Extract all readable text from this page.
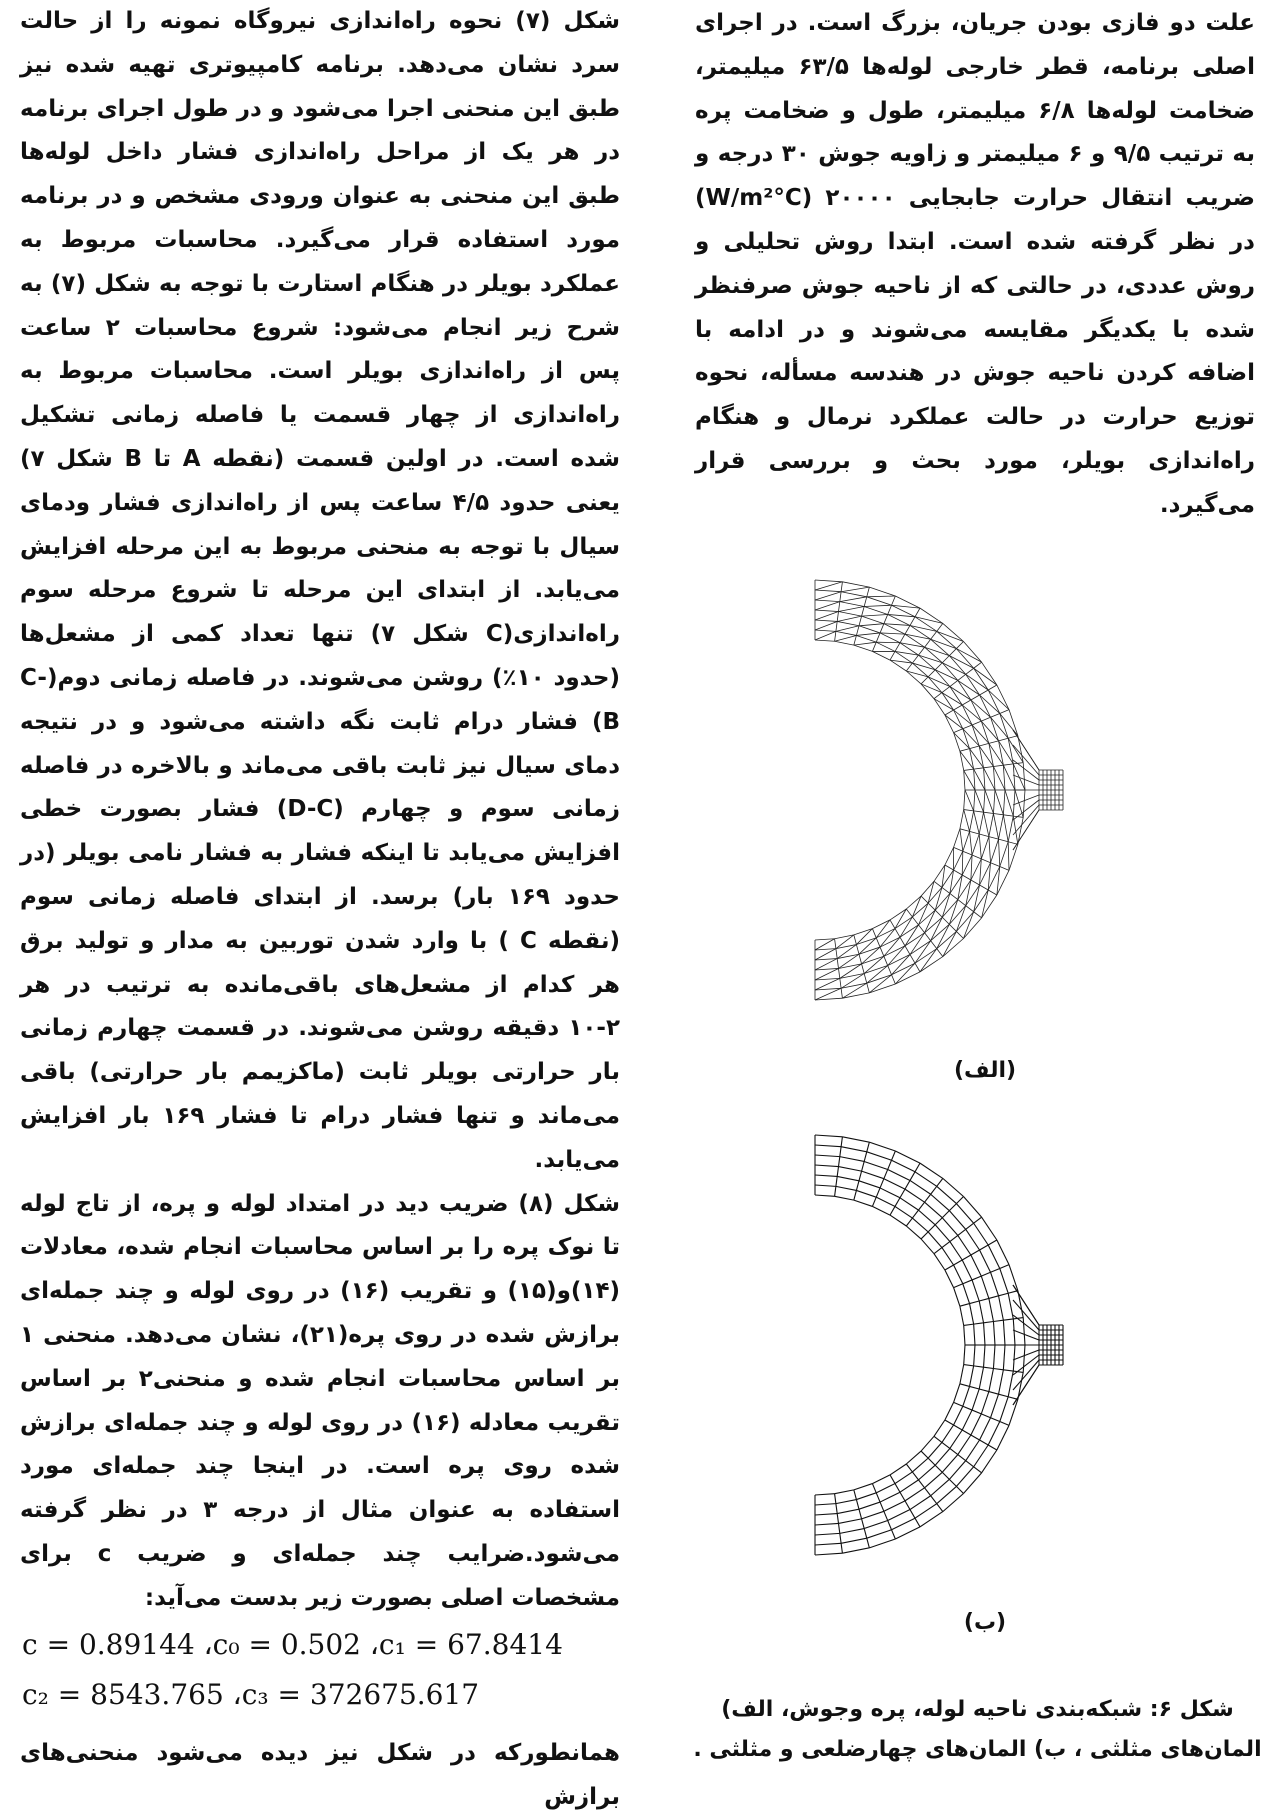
علت دو فازی بودن جریان، بزرگ است. در اجرای اصلی برنامه، قطر خارجی لوله‌ها ۶۳/۵ میلیمتر، ضخامت لوله‌ها ۶/۸ میلیمتر، طول و ضخامت پره به ترتیب ۹/۵ و ۶ میلیمتر و زاویه جوش ۳۰ درجه و ضریب انتقال حرارت جابجایی ۲۰۰۰۰ (W/m²°C) در نظر گرفته شده است. ابتدا روش تحلیلی و روش عددی، در حالتی که از ناحیه جوش صرفنظر شده با یکدیگر مقایسه می‌شوند و در ادامه با اضافه کردن ناحیه جوش در هندسه مسأله، نحوه توزیع حرارت در حالت عملکرد نرمال و هنگام راه‌اندازی بویلر، مورد بحث و بررسی قرار می‌گیرد.

(الف)
(ب)
شکل ۶: شبکه‌بندی ناحیه لوله، پره وجوش، الف) المان‌های مثلثی ، ب) المان‌های چهارضلعی و مثلثی .

شکل (۷) نحوه راه‌اندازی نیروگاه نمونه را از حالت سرد نشان می‌دهد. برنامه کامپیوتری تهیه شده نیز طبق این منحنی اجرا می‌شود و در طول اجرای برنامه در هر یک از مراحل راه‌اندازی فشار داخل لوله‌ها طبق این منحنی به عنوان ورودی مشخص و در برنامه مورد استفاده قرار می‌گیرد. محاسبات مربوط به عملکرد بویلر در هنگام استارت با توجه به شکل (۷) به شرح زیر انجام می‌شود: شروع محاسبات ۲ ساعت پس از راه‌اندازی بویلر است. محاسبات مربوط به راه‌اندازی از چهار قسمت یا فاصله زمانی تشکیل شده است. در اولین قسمت (نقطه A تا B شکل ۷) یعنی حدود ۴/۵ ساعت پس از راه‌اندازی فشار ودمای سیال با توجه به منحنی مربوط به این مرحله افزایش می‌یابد. از ابتدای این مرحله تا شروع مرحله سوم راه‌اندازی(C شکل ۷) تنها تعداد کمی از مشعل‌ها (حدود ۱۰٪) روشن می‌شوند. در فاصله زمانی دوم(C-B) فشار درام ثابت نگه داشته می‌شود و در نتیجه دمای سیال نیز ثابت باقی می‌ماند و بالاخره در فاصله زمانی سوم و چهارم (D-C) فشار بصورت خطی افزایش می‌یابد تا اینکه فشار به فشار نامی بویلر (در حدود ۱۶۹ بار) برسد. از ابتدای فاصله زمانی سوم (نقطه C ) با وارد شدن توربین به مدار و تولید برق هر کدام از مشعل‌های باقی‌مانده به ترتیب در هر ۲-۱۰ دقیقه روشن می‌شوند. در قسمت چهارم زمانی بار حرارتی بویلر ثابت (ماکزیمم بار حرارتی) باقی می‌ماند و تنها فشار درام تا فشار ۱۶۹ بار افزایش می‌یابد.

شکل (۸) ضریب دید در امتداد لوله و پره، از تاج لوله تا نوک پره را بر اساس محاسبات انجام شده، معادلات (۱۴)و(۱۵) و تقریب (۱۶) در روی لوله و چند جمله‌ای برازش شده در روی پره(۲۱)، نشان می‌دهد. منحنی ۱ بر اساس محاسبات انجام شده و منحنی۲ بر اساس تقریب معادله (۱۶) در روی لوله و چند جمله‌ای برازش شده روی پره است. در اینجا چند جمله‌ای مورد استفاده به عنوان مثال از درجه ۳ در نظر گرفته می‌شود.ضرایب چند جمله‌ای و ضریب c برای مشخصات اصلی بصورت زیر بدست می‌آید:

c = 0.89144 ،c₀ = 0.502 ،c₁ = 67.8414

c₂ = 8543.765 ،c₃ = 372675.617

همانطورکه در شکل نیز دیده می‌شود منحنی‌های برازش
